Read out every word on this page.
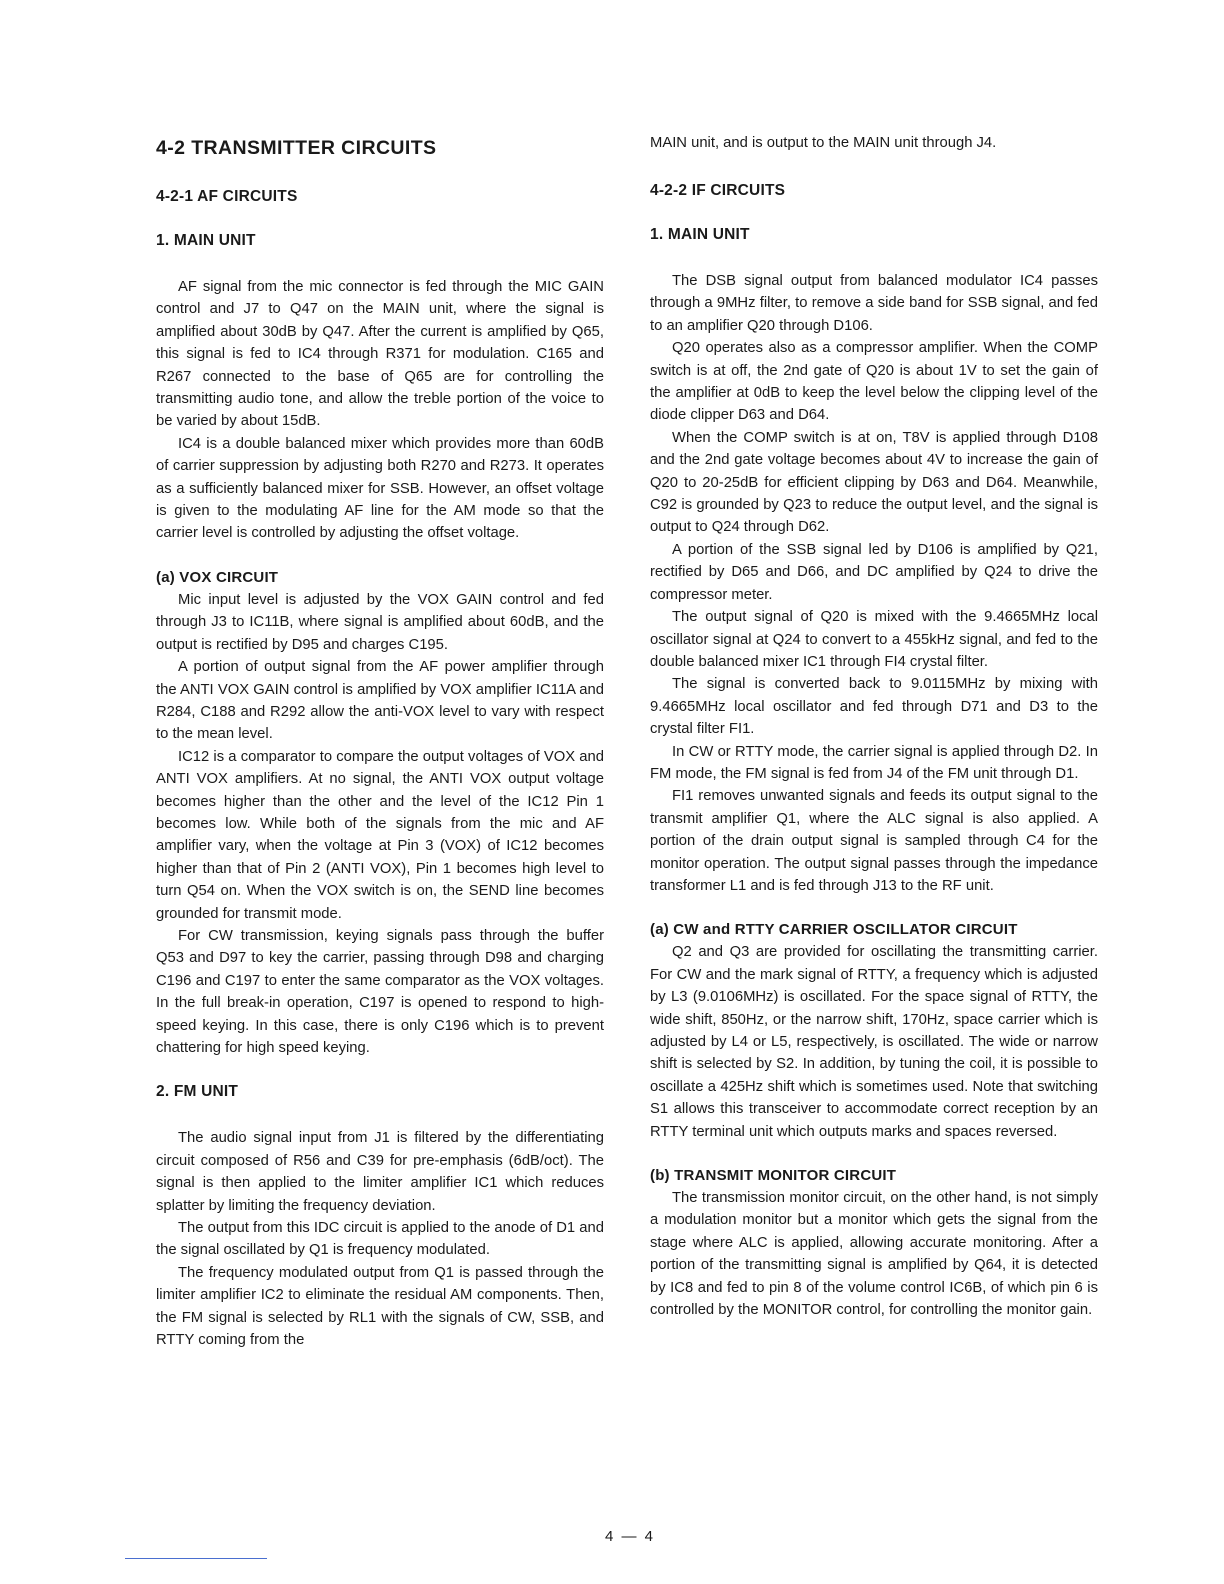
4-2 TRANSMITTER CIRCUITS
4-2-1 AF CIRCUITS
1. MAIN UNIT

AF signal from the mic connector is fed through the MIC GAIN control and J7 to Q47 on the MAIN unit, where the signal is amplified about 30dB by Q47. After the current is amplified by Q65, this signal is fed to IC4 through R371 for modulation. C165 and R267 connected to the base of Q65 are for controlling the transmitting audio tone, and allow the treble portion of the voice to be varied by about 15dB.

IC4 is a double balanced mixer which provides more than 60dB of carrier suppression by adjusting both R270 and R273. It operates as a sufficiently balanced mixer for SSB. However, an offset voltage is given to the modulating AF line for the AM mode so that the carrier level is controlled by adjusting the offset voltage.

(a) VOX CIRCUIT

Mic input level is adjusted by the VOX GAIN control and fed through J3 to IC11B, where signal is amplified about 60dB, and the output is rectified by D95 and charges C195.

A portion of output signal from the AF power amplifier through the ANTI VOX GAIN control is amplified by VOX amplifier IC11A and R284, C188 and R292 allow the anti-VOX level to vary with respect to the mean level.

IC12 is a comparator to compare the output voltages of VOX and ANTI VOX amplifiers. At no signal, the ANTI VOX output voltage becomes higher than the other and the level of the IC12 Pin 1 becomes low. While both of the signals from the mic and AF amplifier vary, when the voltage at Pin 3 (VOX) of IC12 becomes higher than that of Pin 2 (ANTI VOX), Pin 1 becomes high level to turn Q54 on. When the VOX switch is on, the SEND line becomes grounded for transmit mode.

For CW transmission, keying signals pass through the buffer Q53 and D97 to key the carrier, passing through D98 and charging C196 and C197 to enter the same comparator as the VOX voltages. In the full break-in operation, C197 is opened to respond to high-speed keying. In this case, there is only C196 which is to prevent chattering for high speed keying.

2. FM UNIT

The audio signal input from J1 is filtered by the differentiating circuit composed of R56 and C39 for pre-emphasis (6dB/oct). The signal is then applied to the limiter amplifier IC1 which reduces splatter by limiting the frequency deviation.

The output from this IDC circuit is applied to the anode of D1 and the signal oscillated by Q1 is frequency modulated.

The frequency modulated output from Q1 is passed through the limiter amplifier IC2 to eliminate the residual AM components. Then, the FM signal is selected by RL1 with the signals of CW, SSB, and RTTY coming from the

MAIN unit, and is output to the MAIN unit through J4.

4-2-2 IF CIRCUITS
1. MAIN UNIT

The DSB signal output from balanced modulator IC4 passes through a 9MHz filter, to remove a side band for SSB signal, and fed to an amplifier Q20 through D106.

Q20 operates also as a compressor amplifier. When the COMP switch is at off, the 2nd gate of Q20 is about 1V to set the gain of the amplifier at 0dB to keep the level below the clipping level of the diode clipper D63 and D64.

When the COMP switch is at on, T8V is applied through D108 and the 2nd gate voltage becomes about 4V to increase the gain of Q20 to 20-25dB for efficient clipping by D63 and D64. Meanwhile, C92 is grounded by Q23 to reduce the output level, and the signal is output to Q24 through D62.

A portion of the SSB signal led by D106 is amplified by Q21, rectified by D65 and D66, and DC amplified by Q24 to drive the compressor meter.

The output signal of Q20 is mixed with the 9.4665MHz local oscillator signal at Q24 to convert to a 455kHz signal, and fed to the double balanced mixer IC1 through FI4 crystal filter.

The signal is converted back to 9.0115MHz by mixing with 9.4665MHz local oscillator and fed through D71 and D3 to the crystal filter FI1.

In CW or RTTY mode, the carrier signal is applied through D2. In FM mode, the FM signal is fed from J4 of the FM unit through D1.

FI1 removes unwanted signals and feeds its output signal to the transmit amplifier Q1, where the ALC signal is also applied. A portion of the drain output signal is sampled through C4 for the monitor operation. The output signal passes through the impedance transformer L1 and is fed through J13 to the RF unit.

(a) CW and RTTY CARRIER OSCILLATOR CIRCUIT

Q2 and Q3 are provided for oscillating the transmitting carrier. For CW and the mark signal of RTTY, a frequency which is adjusted by L3 (9.0106MHz) is oscillated. For the space signal of RTTY, the wide shift, 850Hz, or the narrow shift, 170Hz, space carrier which is adjusted by L4 or L5, respectively, is oscillated. The wide or narrow shift is selected by S2. In addition, by tuning the coil, it is possible to oscillate a 425Hz shift which is sometimes used. Note that switching S1 allows this transceiver to accommodate correct reception by an RTTY terminal unit which outputs marks and spaces reversed.

(b) TRANSMIT MONITOR CIRCUIT

The transmission monitor circuit, on the other hand, is not simply a modulation monitor but a monitor which gets the signal from the stage where ALC is applied, allowing accurate monitoring. After a portion of the transmitting signal is amplified by Q64, it is detected by IC8 and fed to pin 8 of the volume control IC6B, of which pin 6 is controlled by the MONITOR control, for controlling the monitor gain.

4 — 4
